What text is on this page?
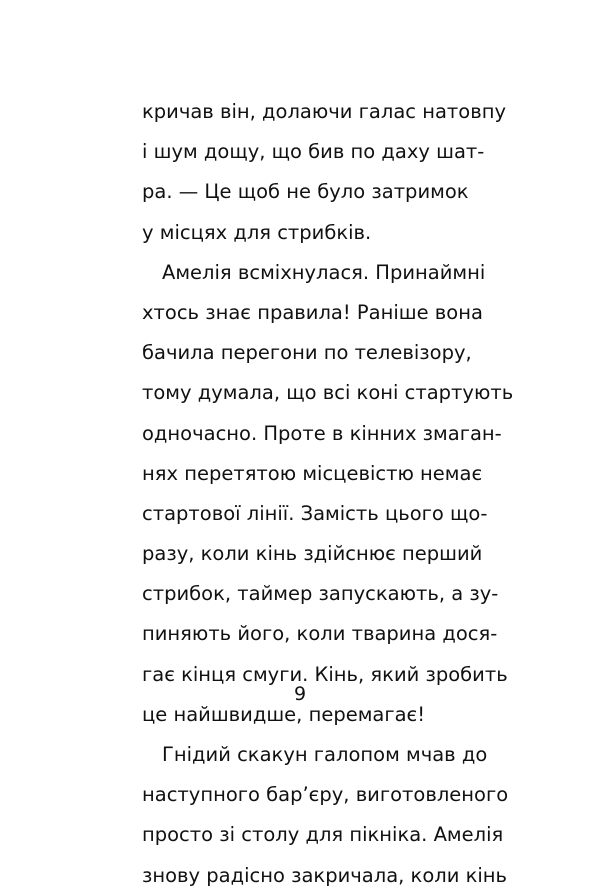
кричав він, долаючи галас натовпу
і шум дощу, що бив по даху шат-
ра. — Це щоб не було затримок
у місцях для стрибків.
Амелія всміхнулася. Принаймні
хтось знає правила! Раніше вона
бачила перегони по телевізору,
тому думала, що всі коні стартують
одночасно. Проте в кінних змаган-
нях перетятою місцевістю немає
стартової лінії. Замість цього що-
разу, коли кінь здійснює перший
стрибок, таймер запускають, а зу-
пиняють його, коли тварина дося-
гає кінця смуги. Кінь, який зробить
це найшвидше, перемагає!
Гнідий скакун галопом мчав до
наступного бар’єру, виготовленого
просто зі столу для пікніка. Амелія
знову радісно закричала, коли кінь
9
